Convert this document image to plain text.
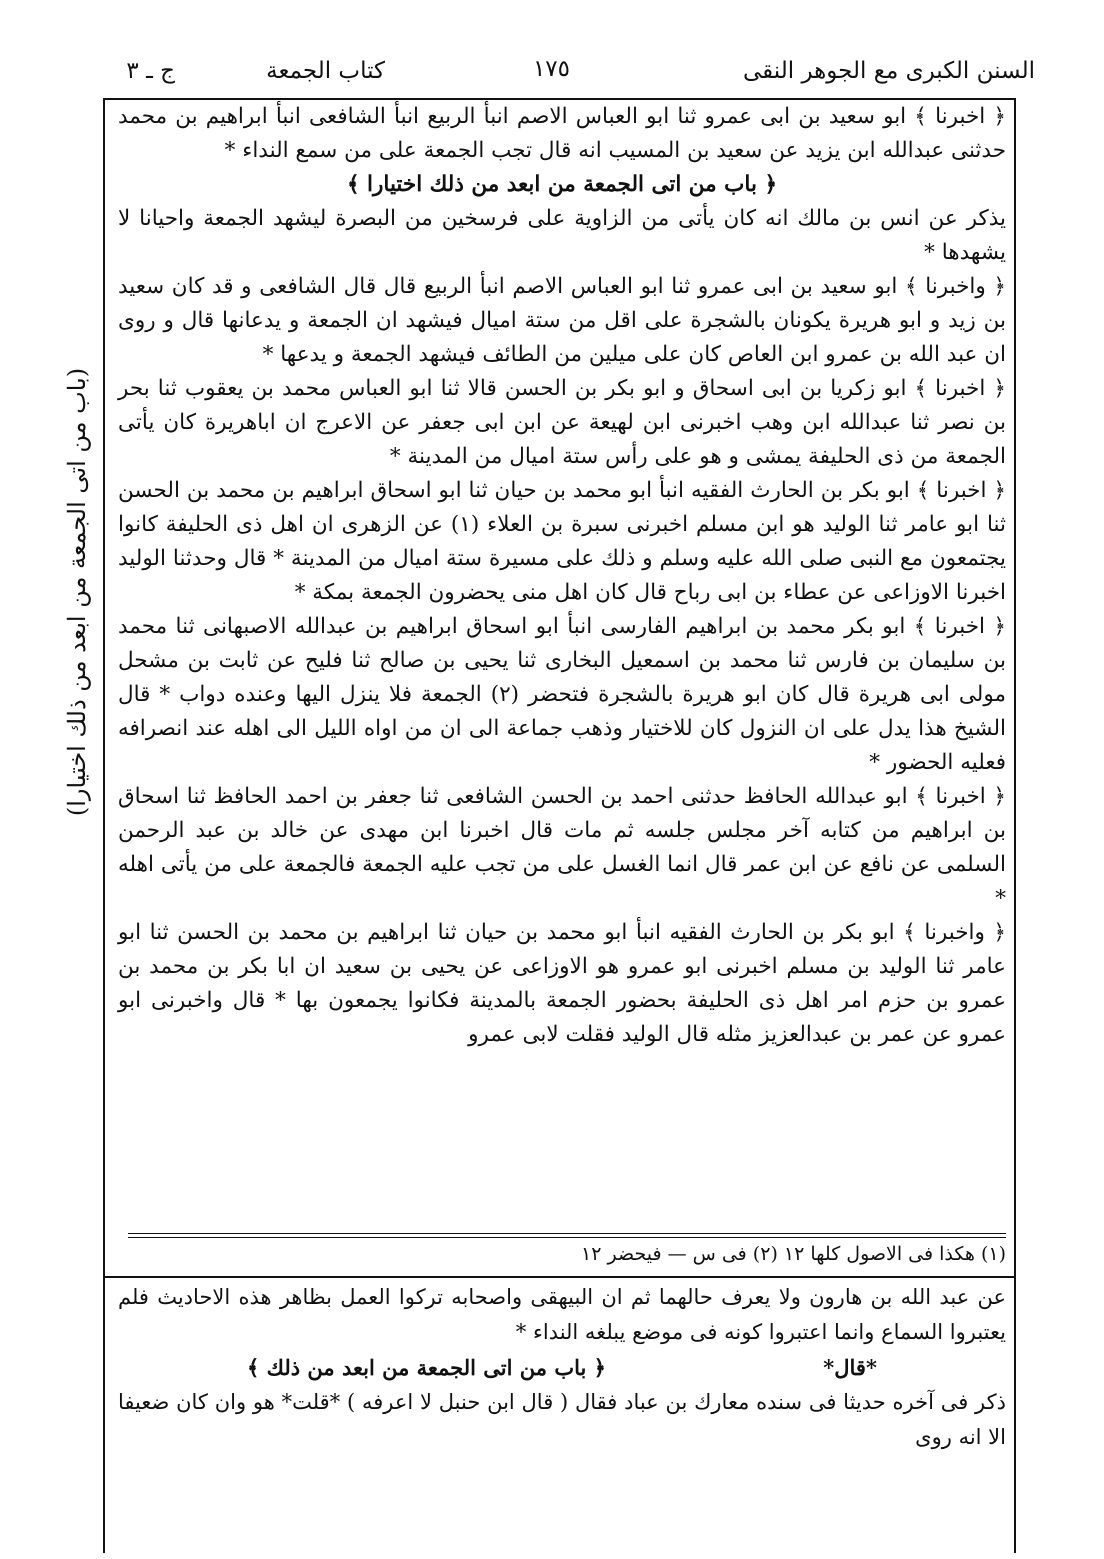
السنن الكبرى مع الجوهر النقى
١٧٥
كتاب الجمعة
ج ـ ٣
(باب من اتى الجمعة من ابعد من ذلك اختيارا)

﴿ اخبرنا ﴾ ابو سعيد بن ابى عمرو ثنا ابو العباس الاصم انبأ الربيع انبأ الشافعى انبأ ابراهيم بن محمد حدثنى عبدالله ابن يزيد عن سعيد بن المسيب انه قال تجب الجمعة على من سمع النداء *

﴿ باب من اتى الجمعة من ابعد من ذلك اختيارا ﴾

يذكر عن انس بن مالك انه كان يأتى من الزاوية على فرسخين من البصرة ليشهد الجمعة واحيانا لا يشهدها *

﴿ واخبرنا ﴾ ابو سعيد بن ابى عمرو ثنا ابو العباس الاصم انبأ الربيع قال قال الشافعى و قد كان سعيد بن زيد و ابو هريرة يكونان بالشجرة على اقل من ستة اميال فيشهد ان الجمعة و يدعانها قال و روى ان عبد الله بن عمرو ابن العاص كان على ميلين من الطائف فيشهد الجمعة و يدعها *

﴿ اخبرنا ﴾ ابو زكريا بن ابى اسحاق و ابو بكر بن الحسن قالا ثنا ابو العباس محمد بن يعقوب ثنا بحر بن نصر ثنا عبدالله ابن وهب اخبرنى ابن لهيعة عن ابن ابى جعفر عن الاعرج ان اباهريرة كان يأتى الجمعة من ذى الحليفة يمشى و هو على رأس ستة اميال من المدينة *

﴿ اخبرنا ﴾ ابو بكر بن الحارث الفقيه انبأ ابو محمد بن حيان ثنا ابو اسحاق ابراهيم بن محمد بن الحسن ثنا ابو عامر ثنا الوليد هو ابن مسلم اخبرنى سبرة بن العلاء (١) عن الزهرى ان اهل ذى الحليفة كانوا يجتمعون مع النبى صلى الله عليه وسلم و ذلك على مسيرة ستة اميال من المدينة * قال وحدثنا الوليد اخبرنا الاوزاعى عن عطاء بن ابى رباح قال كان اهل منى يحضرون الجمعة بمكة *

﴿ اخبرنا ﴾ ابو بكر محمد بن ابراهيم الفارسى انبأ ابو اسحاق ابراهيم بن عبدالله الاصبهانى ثنا محمد بن سليمان بن فارس ثنا محمد بن اسمعيل البخارى ثنا يحيى بن صالح ثنا فليح عن ثابت بن مشحل مولى ابى هريرة قال كان ابو هريرة بالشجرة فتحضر (٢) الجمعة فلا ينزل اليها وعنده دواب * قال الشيخ هذا يدل على ان النزول كان للاختيار وذهب جماعة الى ان من اواه الليل الى اهله عند انصرافه فعليه الحضور *

﴿ اخبرنا ﴾ ابو عبدالله الحافظ حدثنى احمد بن الحسن الشافعى ثنا جعفر بن احمد الحافظ ثنا اسحاق بن ابراهيم من كتابه آخر مجلس جلسه ثم مات قال اخبرنا ابن مهدى عن خالد بن عبد الرحمن السلمى عن نافع عن ابن عمر قال انما الغسل على من تجب عليه الجمعة فالجمعة على من يأتى اهله *

﴿ واخبرنا ﴾ ابو بكر بن الحارث الفقيه انبأ ابو محمد بن حيان ثنا ابراهيم بن محمد بن الحسن ثنا ابو عامر ثنا الوليد بن مسلم اخبرنى ابو عمرو هو الاوزاعى عن يحيى بن سعيد ان ابا بكر بن محمد بن عمرو بن حزم امر اهل ذى الحليفة بحضور الجمعة بالمدينة فكانوا يجمعون بها * قال واخبرنى ابو عمرو عن عمر بن عبدالعزيز مثله قال الوليد فقلت لابى عمرو

(١) هكذا فى الاصول كلها ١٢ (٢) فى س — فيحضر ١٢

عن عبد الله بن هارون ولا يعرف حالهما ثم ان البيهقى واصحابه تركوا العمل بظاهر هذه الاحاديث فلم يعتبروا السماع وانما اعتبروا كونه فى موضع يبلغه النداء *

*قال* ﴿ باب من اتى الجمعة من ابعد من ذلك ﴾

ذكر فى آخره حديثا فى سنده معارك بن عباد فقال ( قال ابن حنبل لا اعرفه ) *قلت* هو وان كان ضعيفا الا انه روى
